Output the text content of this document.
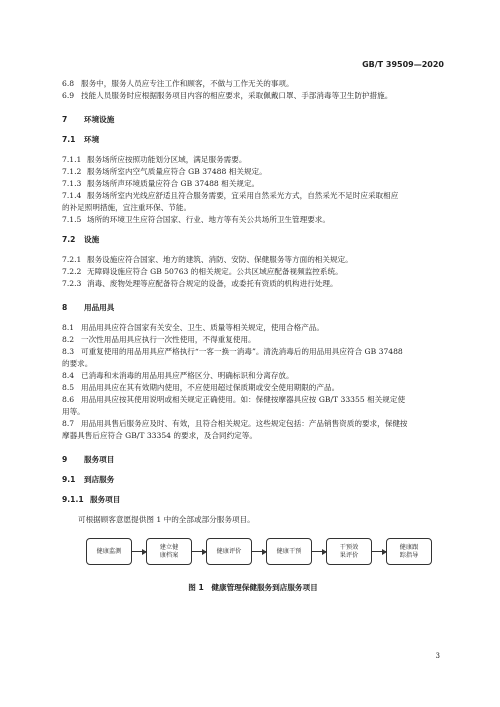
GB/T 39509—2020

6.8 服务中，服务人员应专注工作和顾客，不做与工作无关的事项。

6.9 技能人员服务时应根据服务项目内容的相应要求，采取佩戴口罩、手部消毒等卫生防护措施。

7 环境设施

7.1 环境

7.1.1 服务场所应按照功能划分区域，满足服务需要。

7.1.2 服务场所室内空气质量应符合 GB 37488 相关规定。

7.1.3 服务场所声环境质量应符合 GB 37488 相关规定。

7.1.4 服务场所室内光线应舒适且符合服务需要，宜采用自然采光方式，自然采光不足时应采取相应

的补足照明措施，宜注重环保、节能。

7.1.5 场所的环境卫生应符合国家、行业、地方等有关公共场所卫生管理要求。

7.2 设施

7.2.1 服务设施应符合国家、地方的建筑、消防、安防、保健服务等方面的相关规定。

7.2.2 无障碍设施应符合 GB 50763 的相关规定。公共区域应配备视频监控系统。

7.2.3 消毒、废物处理等应配备符合规定的设备，或委托有资质的机构进行处理。

8 用品用具

8.1 用品用具应符合国家有关安全、卫生、质量等相关规定，使用合格产品。

8.2 一次性用品用具应执行一次性使用，不得重复使用。

8.3 可重复使用的用品用具应严格执行“一客一换一消毒”。清洗消毒后的用品用具应符合 GB 37488

的要求。

8.4 已消毒和未消毒的用品用具应严格区分、明确标识和分离存放。

8.5 用品用具应在其有效期内使用，不应使用超过保质期或安全使用期限的产品。

8.6 用品用具应按其使用说明或相关规定正确使用。如：保健按摩器具应按 GB/T 33355 相关规定使

用等。

8.7 用品用具售后服务应及时、有效，且符合相关规定。这些规定包括：产品销售资质的要求，保健按

摩器具售后应符合 GB/T 33354 的要求，及合同约定等。

9 服务项目

9.1 到店服务

9.1.1 服务项目

可根据顾客意愿提供图 1 中的全部或部分服务项目。

健康监测
建立健
康档案
健康评价	健康干预
干预效
果评价
健康跟
踪指导
图 1　健康管理保健服务到店服务项目
3
